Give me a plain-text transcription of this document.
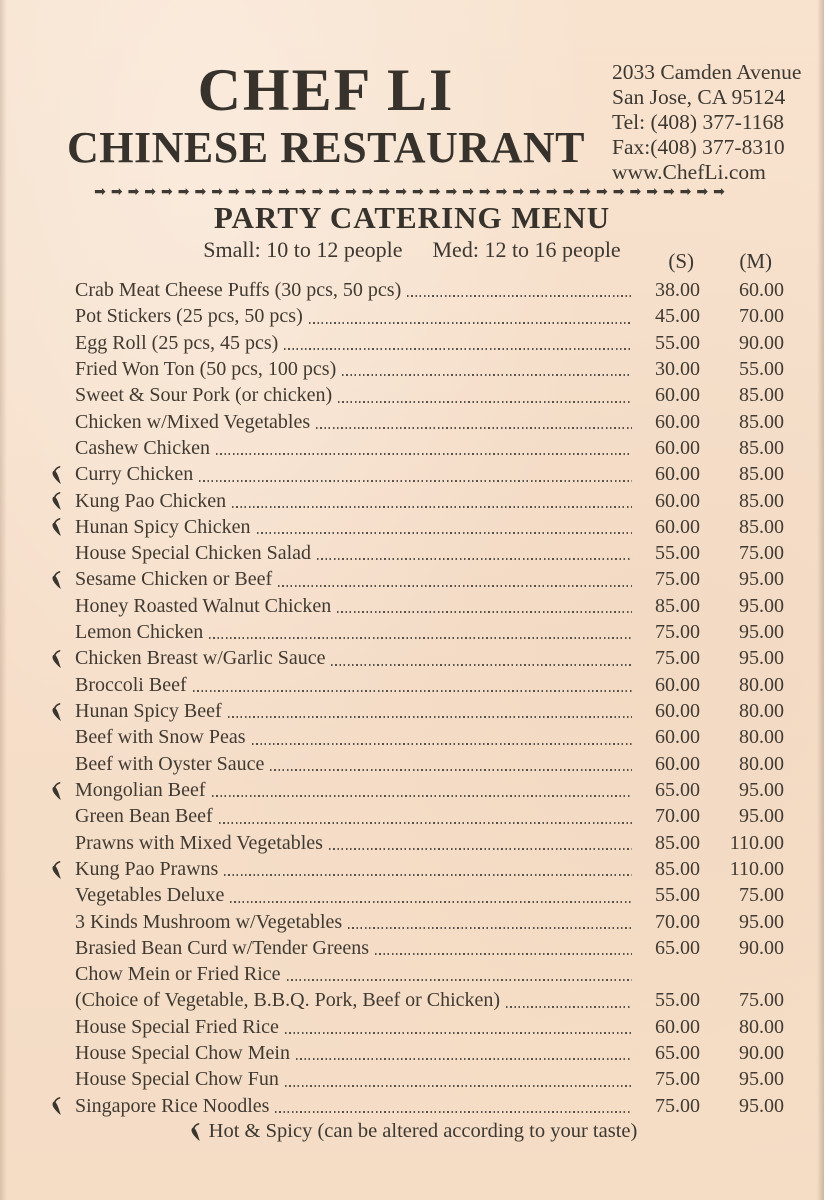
CHEF LI
CHINESE RESTAURANT
2033 Camden Avenue
San Jose, CA 95124
Tel: (408) 377-1168
Fax:(408) 377-8310
www.ChefLi.com
➡︎➡︎➡︎➡︎➡︎➡︎➡︎➡︎➡︎➡︎➡︎➡︎➡︎➡︎➡︎➡︎➡︎➡︎➡︎➡︎➡︎➡︎➡︎➡︎➡︎➡︎➡︎➡︎➡︎➡︎➡︎➡︎➡︎➡︎➡︎➡︎➡︎➡︎
PARTY CATERING MENU
Small: 10 to 12 people Med: 12 to 16 people	(S)	(M)
Crab Meat Cheese Puffs (30 pcs, 50 pcs)	38.00	60.00
Pot Stickers (25 pcs, 50 pcs)	45.00	70.00
Egg Roll (25 pcs, 45 pcs)	55.00	90.00
Fried Won Ton (50 pcs, 100 pcs)	30.00	55.00
Sweet & Sour Pork (or chicken)	60.00	85.00
Chicken w/Mixed Vegetables	60.00	85.00
Cashew Chicken	60.00	85.00
Curry Chicken	60.00	85.00
Kung Pao Chicken	60.00	85.00
Hunan Spicy Chicken	60.00	85.00
House Special Chicken Salad	55.00	75.00
Sesame Chicken or Beef	75.00	95.00
Honey Roasted Walnut Chicken	85.00	95.00
Lemon Chicken	75.00	95.00
Chicken Breast w/Garlic Sauce	75.00	95.00
Broccoli Beef	60.00	80.00
Hunan Spicy Beef	60.00	80.00
Beef with Snow Peas	60.00	80.00
Beef with Oyster Sauce	60.00	80.00
Mongolian Beef	65.00	95.00
Green Bean Beef	70.00	95.00
Prawns with Mixed Vegetables	85.00	110.00
Kung Pao Prawns	85.00	110.00
Vegetables Deluxe	55.00	75.00
3 Kinds Mushroom w/Vegetables	70.00	95.00
Brasied Bean Curd w/Tender Greens	65.00	90.00
Chow Mein or Fried Rice
(Choice of Vegetable, B.B.Q. Pork, Beef or Chicken)	55.00	75.00
House Special Fried Rice	60.00	80.00
House Special Chow Mein	65.00	90.00
House Special Chow Fun	75.00	95.00
Singapore Rice Noodles	75.00	95.00
Hot & Spicy (can be altered according to your taste)
